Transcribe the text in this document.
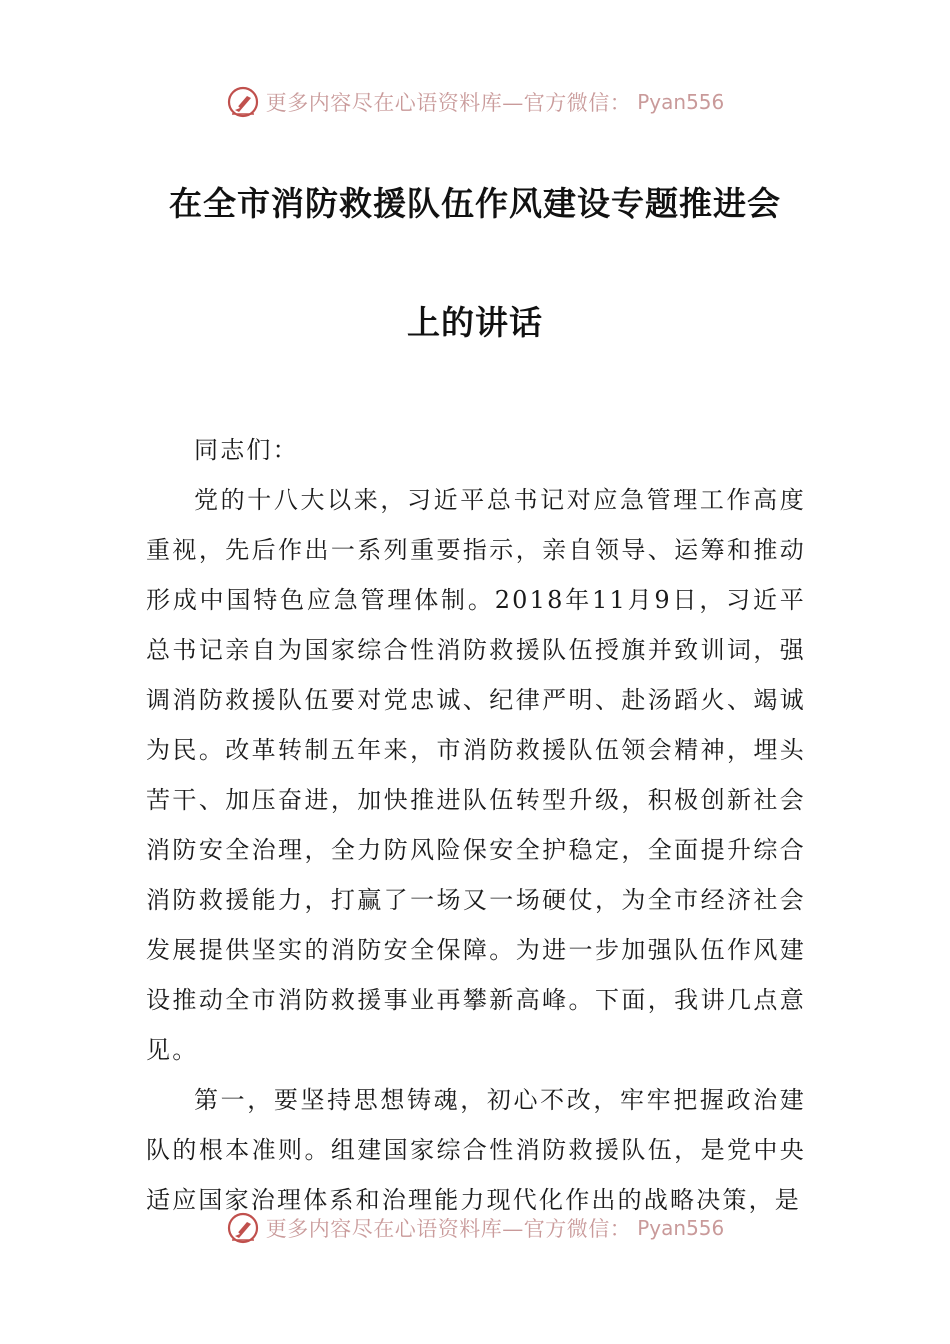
更多内容尽在心语资料库—官方微信： Pyan556
在全市消防救援队伍作风建设专题推进会
上的讲话

同志们：

党的十八大以来，习近平总书记对应急管理工作高度重视，先后作出一系列重要指示，亲自领导、运筹和推动形成中国特色应急管理体制。2018年11月9日，习近平总书记亲自为国家综合性消防救援队伍授旗并致训词，强调消防救援队伍要对党忠诚、纪律严明、赴汤蹈火、竭诚为民。改革转制五年来，市消防救援队伍领会精神，埋头苦干、加压奋进，加快推进队伍转型升级，积极创新社会消防安全治理，全力防风险保安全护稳定，全面提升综合消防救援能力，打赢了一场又一场硬仗，为全市经济社会发展提供坚实的消防安全保障。为进一步加强队伍作风建设推动全市消防救援事业再攀新高峰。下面，我讲几点意见。

第一，要坚持思想铸魂，初心不改，牢牢把握政治建队的根本准则。组建国家综合性消防救援队伍，是党中央适应国家治理体系和治理能力现代化作出的战略决策，是

更多内容尽在心语资料库—官方微信： Pyan556
